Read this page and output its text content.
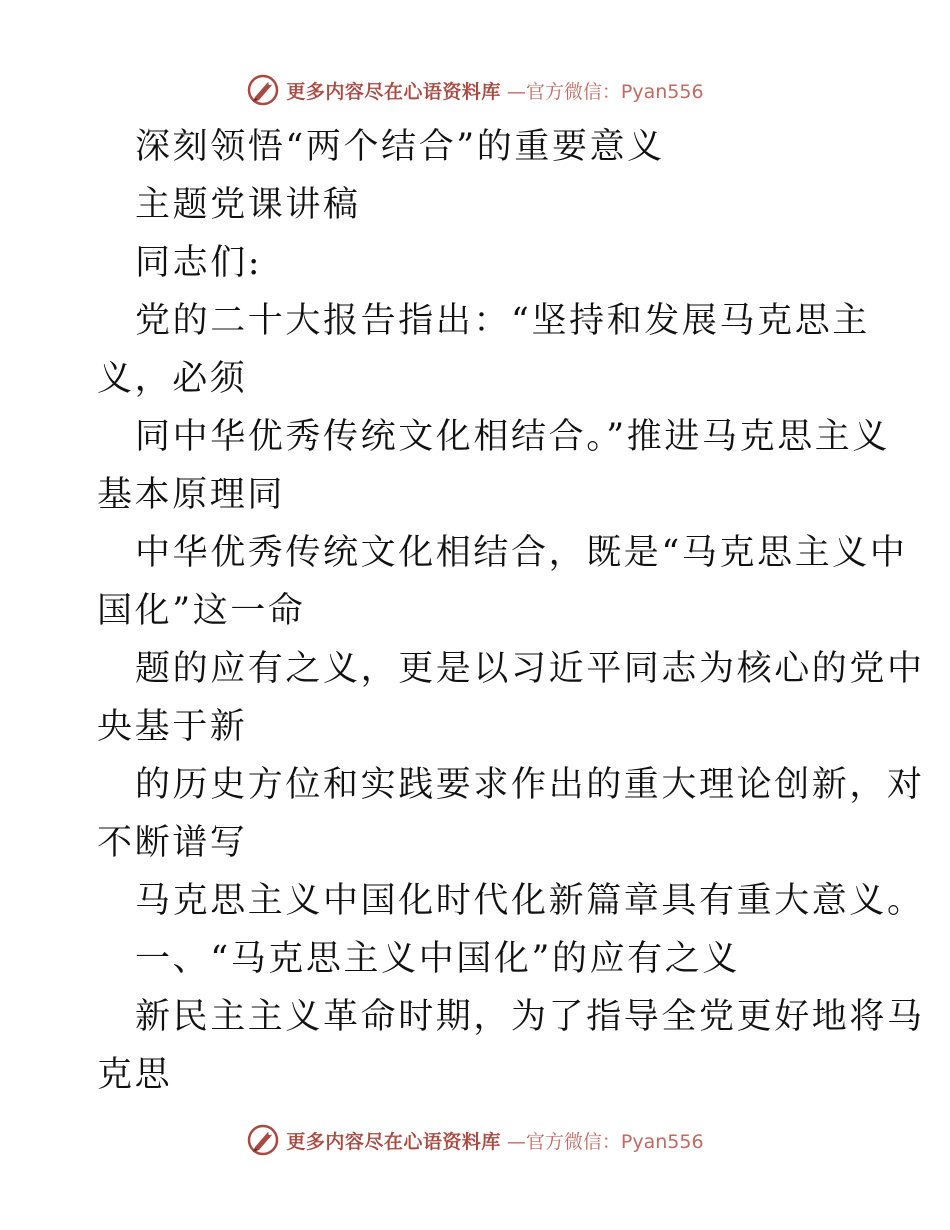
更多内容尽在心语资料库 —官方微信：Pyan556
深刻领悟“两个结合”的重要意义
主题党课讲稿
同志们:
党的二十大报告指出：“坚持和发展马克思主
义，必须
同中华优秀传统文化相结合。”推进马克思主义
基本原理同
中华优秀传统文化相结合，既是“马克思主义中
国化”这一命
题的应有之义，更是以习近平同志为核心的党中
央基于新
的历史方位和实践要求作出的重大理论创新，对
不断谱写
马克思主义中国化时代化新篇章具有重大意义。
一、“马克思主义中国化”的应有之义
新民主主义革命时期，为了指导全党更好地将马
克思
更多内容尽在心语资料库 —官方微信：Pyan556
